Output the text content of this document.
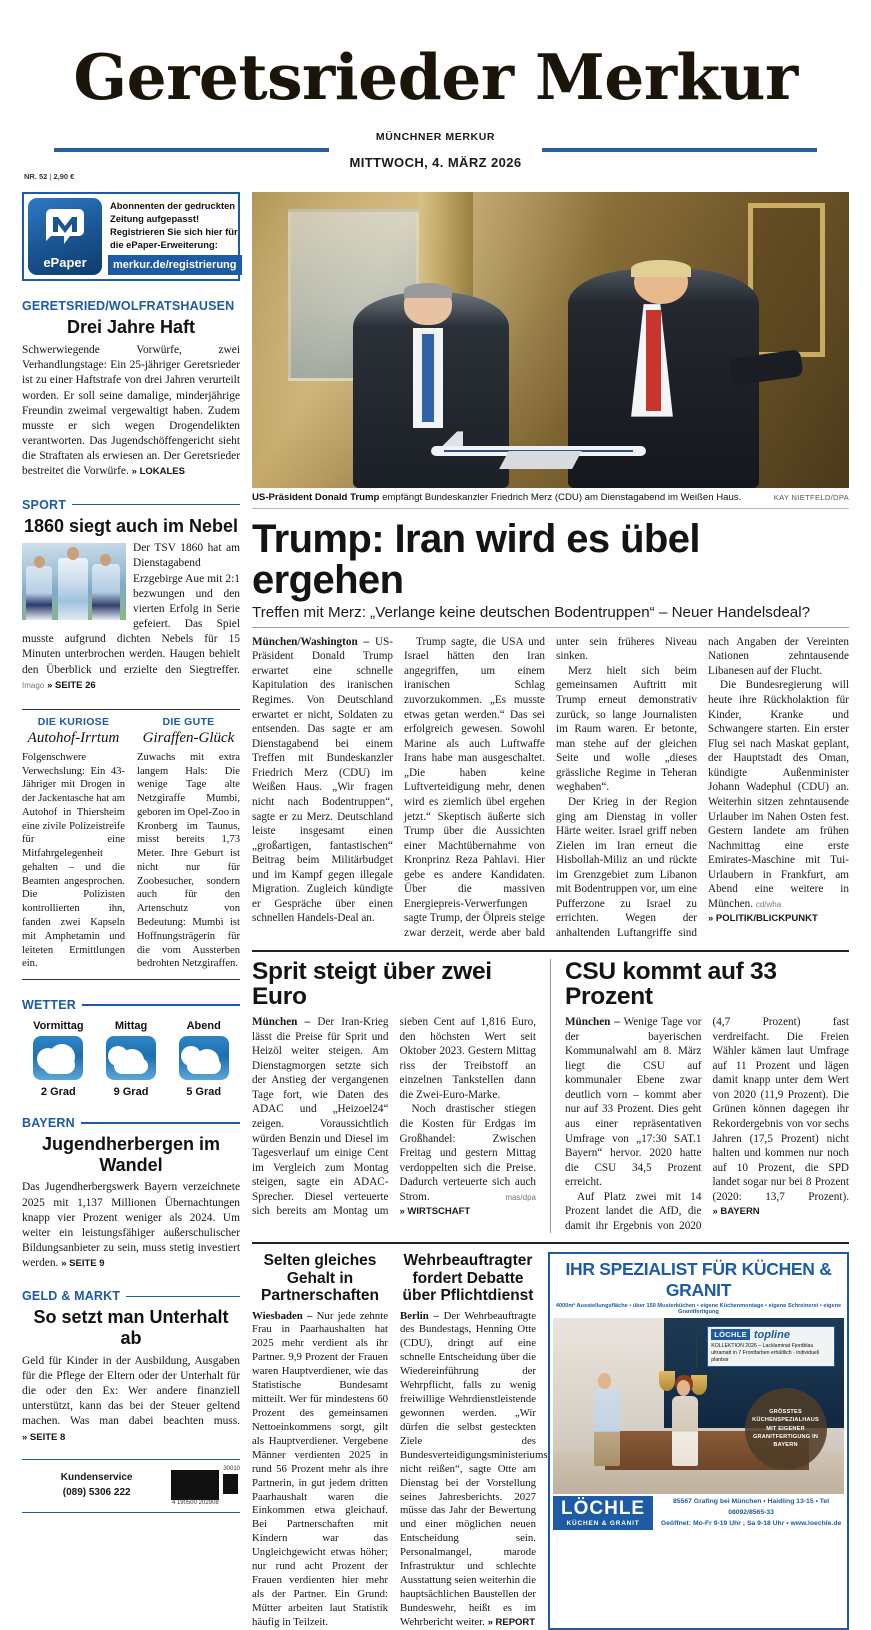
Geretsrieder Merkur
MÜNCHNER MERKUR
MITTWOCH, 4. MÄRZ 2026
NR. 52 | 2,90 €
ePaper
Abonnenten der gedruckten Zeitung aufgepasst! Registrieren Sie sich hier für die ePaper-Erweiterung:
merkur.de/registrierung
GERETSRIED/WOLFRATSHAUSEN
Drei Jahre Haft
Schwerwiegende Vorwürfe, zwei Verhandlungstage: Ein 25-jähriger Geretsrieder ist zu einer Haftstrafe von drei Jahren verurteilt worden. Er soll seine damalige, minderjährige Freundin zweimal vergewaltigt haben. Zudem musste er sich wegen Drogendelikten verantworten. Das Jugendschöffengericht sieht die Straftaten als erwiesen an. Der Geretsrieder bestreitet die Vorwürfe. » LOKALES
SPORT
1860 siegt auch im Nebel
Der TSV 1860 hat am Dienstagabend Erzgebirge Aue mit 2:1 bezwungen und den vierten Erfolg in Serie gefeiert. Das Spiel musste aufgrund dichten Nebels für 15 Minuten unterbrochen werden. Haugen behielt den Überblick und erzielte den Siegtreffer. Imago » SEITE 26
DIE KURIOSE
Autohof-Irrtum
Folgenschwere Verwechslung: Ein 43-Jähriger mit Drogen in der Jackentasche hat am Autohof in Thiersheim eine zivile Polizeistreife für eine Mitfahrgelegenheit gehalten – und die Beamten angesprochen. Die Polizisten kontrollierten ihn, fanden zwei Kapseln mit Amphetamin und leiteten Ermittlungen ein.
DIE GUTE
Giraffen-Glück
Zuwachs mit extra langem Hals: Die wenige Tage alte Netzgiraffe Mumbi, geboren im Opel-Zoo in Kronberg im Taunus, misst bereits 1,73 Meter. Ihre Geburt ist nicht nur für Zoobesucher, sondern auch für den Artenschutz von Bedeutung: Mumbi ist Hoffnungsträgerin für die vom Aussterben bedrohten Netzgiraffen.
WETTER
Vormittag
2 Grad
Mittag
9 Grad
Abend
5 Grad
BAYERN
Jugendherbergen im Wandel
Das Jugendherbergswerk Bayern verzeichnete 2025 mit 1,137 Millionen Übernachtungen knapp vier Prozent weniger als 2024. Um weiter ein leistungsfähiger außerschulischer Bildungsanbieter zu sein, muss stetig investiert werden. » SEITE 9
GELD & MARKT
So setzt man Unterhalt ab
Geld für Kinder in der Ausbildung, Ausgaben für die Pflege der Eltern oder der Unterhalt für die oder den Ex: Wer andere finanziell unterstützt, kann das bei der Steuer geltend machen. Was man dabei beachten muss. » SEITE 8
Kundenservice
(089) 5306 222
4 190500 202908
30010
US-Präsident Donald Trump empfängt Bundeskanzler Friedrich Merz (CDU) am Dienstagabend im Weißen Haus.	KAY NIETFELD/DPA
Trump: Iran wird es übel ergehen
Treffen mit Merz: „Verlange keine deutschen Bodentruppen“ – Neuer Handelsdeal?

München/Washington – US-Präsident Donald Trump erwartet eine schnelle Kapitulation des iranischen Regimes. Von Deutschland erwartet er nicht, Soldaten zu entsenden. Das sagte er am Dienstagabend bei einem Treffen mit Bundeskanzler Friedrich Merz (CDU) im Weißen Haus. „Wir fragen nicht nach Bodentruppen“, sagte er zu Merz. Deutschland leiste insgesamt einen „großartigen, fantastischen“ Beitrag beim Militärbudget und im Kampf gegen illegale Migration. Zugleich kündigte er Gespräche über einen schnellen Handels-Deal an.

Trump sagte, die USA und Israel hätten den Iran angegriffen, um einem iranischen Schlag zuvorzukommen. „Es musste etwas getan werden.“ Das sei erfolgreich gewesen. Sowohl Marine als auch Luftwaffe Irans habe man ausgeschaltet. „Die haben keine Luftverteidigung mehr, denen wird es ziemlich übel ergehen jetzt.“ Skeptisch äußerte sich Trump über die Aussichten einer Machtübernahme von Kronprinz Reza Pahlavi. Hier gebe es andere Kandidaten. Über die massiven Energiepreis-Verwerfungen sagte Trump, der Ölpreis steige zwar derzeit, werde aber bald unter sein früheres Niveau sinken.

Merz hielt sich beim gemeinsamen Auftritt mit Trump erneut demonstrativ zurück, so lange Journalisten im Raum waren. Er betonte, man stehe auf der gleichen Seite und wolle „dieses grässliche Regime in Teheran weghaben“.

Der Krieg in der Region ging am Dienstag in voller Härte weiter. Israel griff neben Zielen im Iran erneut die Hisbollah-Miliz an und rückte im Grenzgebiet zum Libanon mit Bodentruppen vor, um eine Pufferzone zu Israel zu errichten. Wegen der anhaltenden Luftangriffe sind nach Angaben der Vereinten Nationen zehntausende Libanesen auf der Flucht.

Die Bundesregierung will heute ihre Rückholaktion für Kinder, Kranke und Schwangere starten. Ein erster Flug sei nach Maskat geplant, der Hauptstadt des Oman, kündigte Außenminister Johann Wadephul (CDU) an. Weiterhin sitzen zehntausende Urlauber im Nahen Osten fest. Gestern landete am frühen Nachmittag eine erste Emirates-Maschine mit Tui-Urlaubern in Frankfurt, am Abend eine weitere in München. cd/wha
» POLITIK/BLICKPUNKT

Sprit steigt über zwei Euro

München – Der Iran-Krieg lässt die Preise für Sprit und Heizöl weiter steigen. Am Dienstagmorgen setzte sich der Anstieg der vergangenen Tage fort, wie Daten des ADAC und „Heizoel24“ zeigen. Voraussichtlich würden Benzin und Diesel im Tagesverlauf um einige Cent im Vergleich zum Montag steigen, sagte ein ADAC-Sprecher. Diesel verteuerte sich bereits am Montag um sieben Cent auf 1,816 Euro, den höchsten Wert seit Oktober 2023. Gestern Mittag riss der Treibstoff an einzelnen Tankstellen dann die Zwei-Euro-Marke.

Noch drastischer stiegen die Kosten für Erdgas im Großhandel: Zwischen Freitag und gestern Mittag verdoppelten sich die Preise. Dadurch verteuerte sich auch Strom.	mas/dpa » WIRTSCHAFT

CSU kommt auf 33 Prozent

München – Wenige Tage vor der bayerischen Kommunalwahl am 8. März liegt die CSU auf kommunaler Ebene zwar deutlich vorn – kommt aber nur auf 33 Prozent. Dies geht aus einer repräsentativen Umfrage von „17:30 SAT.1 Bayern“ hervor. 2020 hatte die CSU 34,5 Prozent erreicht.

Auf Platz zwei mit 14 Prozent landet die AfD, die damit ihr Ergebnis von 2020 (4,7 Prozent) fast verdreifacht. Die Freien Wähler kämen laut Umfrage auf 11 Prozent und lägen damit knapp unter dem Wert von 2020 (11,9 Prozent). Die Grünen können dagegen ihr Rekordergebnis von vor sechs Jahren (17,5 Prozent) nicht halten und kommen nur noch auf 10 Prozent, die SPD landet sogar nur bei 8 Prozent (2020: 13,7 Prozent). » BAYERN

Selten gleiches Gehalt in Partnerschaften
Wiesbaden – Nur jede zehnte Frau in Paarhaushalten hat 2025 mehr verdient als ihr Partner. 9,9 Prozent der Frauen waren Hauptverdiener, wie das Statistische Bundesamt mitteilt. Wer für mindestens 60 Prozent des gemeinsamen Nettoeinkommens sorgt, gilt als Hauptverdiener. Vergebene Männer verdienten 2025 in rund 56 Prozent mehr als ihre Partnerin, in gut jedem dritten Paarhaushalt waren die Einkommen etwa gleichauf. Bei Partnerschaften mit Kindern war das Ungleichgewicht etwas höher; nur rund acht Prozent der Frauen verdienten hier mehr als der Partner. Ein Grund: Mütter arbeiten laut Statistik häufig in Teilzeit.
Wehrbeauftragter fordert Debatte über Pflichtdienst
Berlin – Der Wehrbeauftragte des Bundestags, Henning Otte (CDU), dringt auf eine schnelle Entscheidung über die Wiedereinführung der Wehrpflicht, falls zu wenig freiwillige Wehrdienstleistende gewonnen werden. „Wir dürfen die selbst gesteckten Ziele des Bundesverteidigungsministeriums nicht reißen“, sagte Otte am Dienstag bei der Vorstellung seines Jahresberichts. 2027 müsse das Jahr der Bewertung und einer möglichen neuen Entscheidung sein. Personalmangel, marode Infrastruktur und schlechte Ausstattung seien weiterhin die hauptsächlichen Baustellen der Bundeswehr, heißt es im Wehrbericht weiter. » REPORT
IHR SPEZIALIST FÜR KÜCHEN & GRANIT
4000m² Ausstellungsfläche • über 150 Musterküchen • eigene Küchenmontage • eigene Schreinerei • eigene Granitfertigung
LÖCHLE topline
KOLLEKTION 2026 – Lacklaminat Fjordblau ultramatt in 7 Frontfarben erhältlich · individuell planbar
GRÖSSTES KÜCHENSPEZIALHAUS MIT EIGENER GRANITFERTIGUNG IN BAYERN
LÖCHLE
KÜCHEN & GRANIT
85567 Grafing bei München • Haidling 13-15 • Tel 08092/8565-33
Geöffnet: Mo-Fr 9-19 Uhr ; Sa 9-18 Uhr • www.loechle.de
